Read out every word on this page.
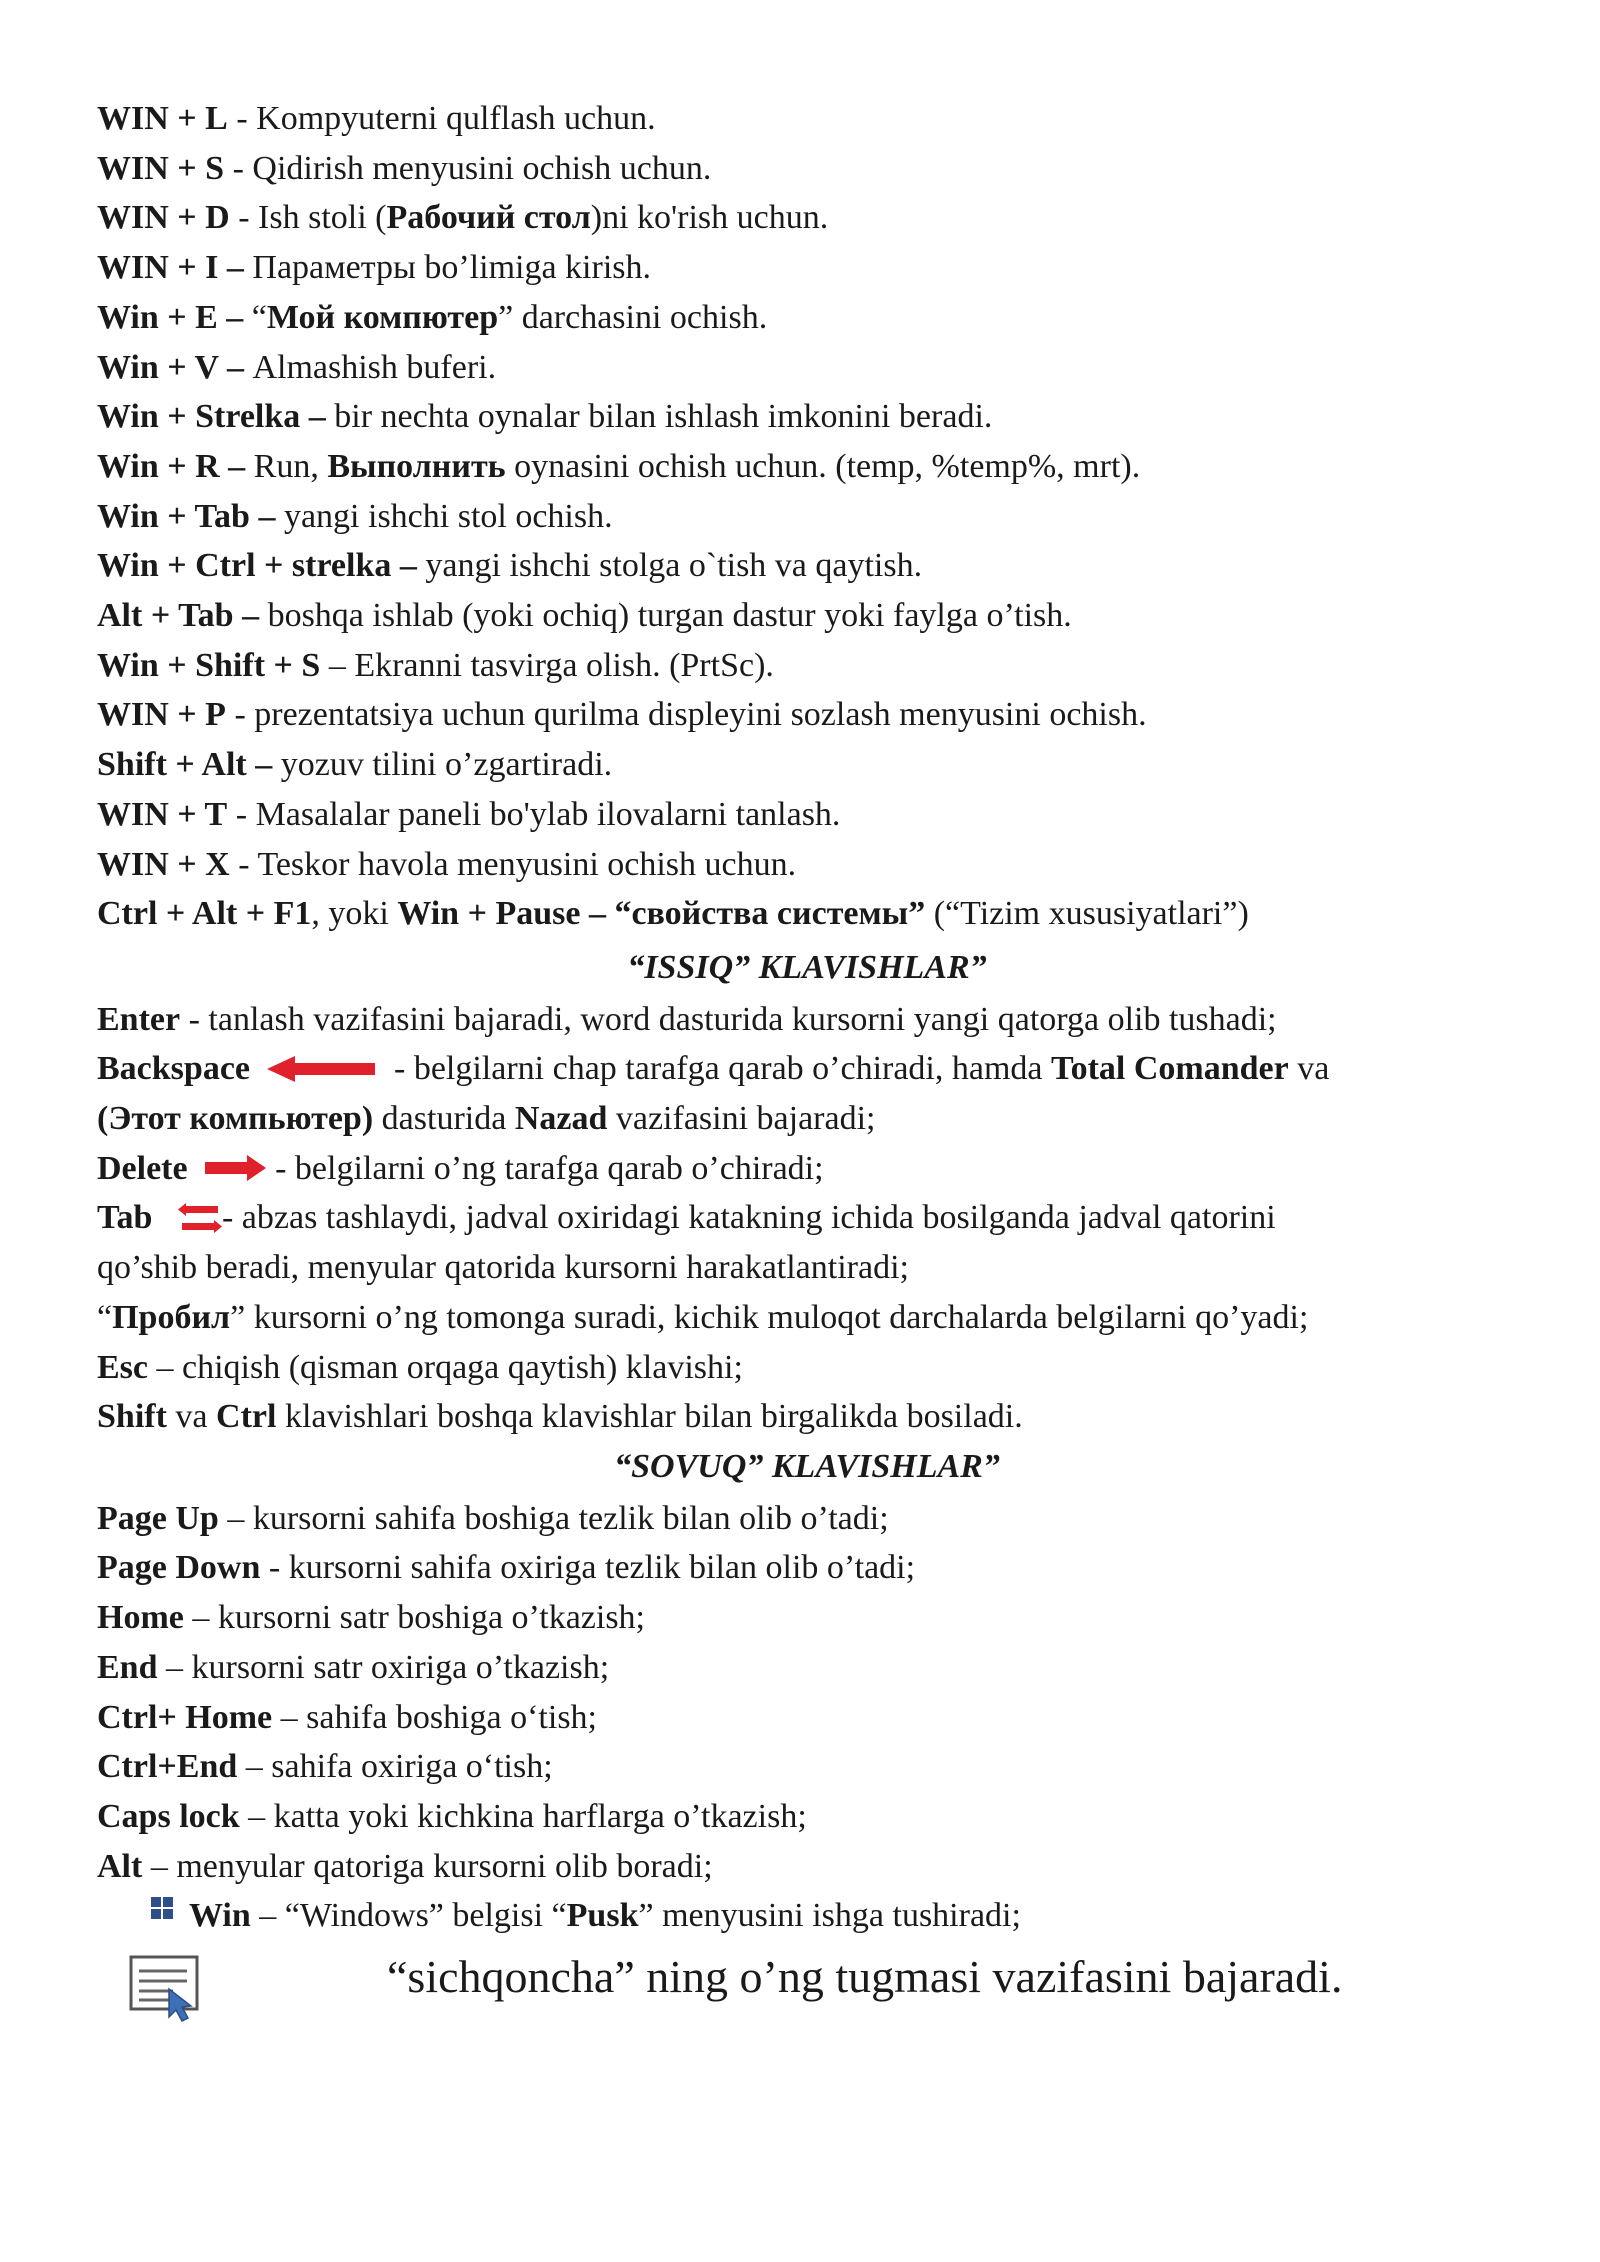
WIN + L - Kompyuterni qulflash uchun.
WIN + S - Qidirish menyusini ochish uchun.
WIN + D - Ish stoli (Рабочий стол)ni ko'rish uchun.
WIN + I – Параметры bo’limiga kirish.
Win + E – “Мой компютер” darchasini ochish.
Win + V – Almashish buferi.
Win + Strelka – bir nechta oynalar bilan ishlash imkonini beradi.
Win + R – Run, Выполнить oynasini ochish uchun. (temp, %temp%, mrt).
Win + Tab – yangi ishchi stol ochish.
Win + Ctrl + strelka – yangi ishchi stolga o`tish va qaytish.
Alt + Tab – boshqa ishlab (yoki ochiq) turgan dastur yoki faylga o’tish.
Win + Shift + S – Ekranni tasvirga olish. (PrtSc).
WIN + P - prezentatsiya uchun qurilma displeyini sozlash menyusini ochish.
Shift + Alt – yozuv tilini o’zgartiradi.
WIN + T - Masalalar paneli bo'ylab ilovalarni tanlash.
WIN + X - Teskor havola menyusini ochish uchun.
Ctrl + Alt + F1, yoki Win + Pause – “свойства системы” (“Tizim xususiyatlari”)
“ISSIQ” KLAVISHLAR”
Enter - tanlash vazifasini bajaradi, word dasturida kursorni yangi qatorga olib tushadi;
Backspace	- belgilarni chap tarafga qarab o’chiradi, hamda Total Comander va
(Этот компьютер) dasturida Nazad vazifasini bajaradi;
Delete   - belgilarni o’ng tarafga qarab o’chiradi;
Tab - abzas tashlaydi, jadval oxiridagi katakning ichida bosilganda jadval qatorini
qo’shib beradi, menyular qatorida kursorni harakatlantiradi;
“Пробил” kursorni o’ng tomonga suradi, kichik muloqot darchalarda belgilarni qo’yadi;
Esc – chiqish (qisman orqaga qaytish) klavishi;
Shift va Ctrl klavishlari boshqa klavishlar bilan birgalikda bosiladi.
“SOVUQ” KLAVISHLAR”
Page Up – kursorni sahifa boshiga tezlik bilan olib o’tadi;
Page Down - kursorni sahifa oxiriga tezlik bilan olib o’tadi;
Home – kursorni satr boshiga o’tkazish;
End – kursorni satr oxiriga o’tkazish;
Ctrl+ Home – sahifa boshiga o‘tish;
Ctrl+End – sahifa oxiriga o‘tish;
Caps lock – katta yoki kichkina harflarga o’tkazish;
Alt – menyular qatoriga kursorni olib boradi;
Win – “Windows” belgisi “Pusk” menyusini ishga tushiradi;
“sichqoncha” ning o’ng tugmasi vazifasini bajaradi.
